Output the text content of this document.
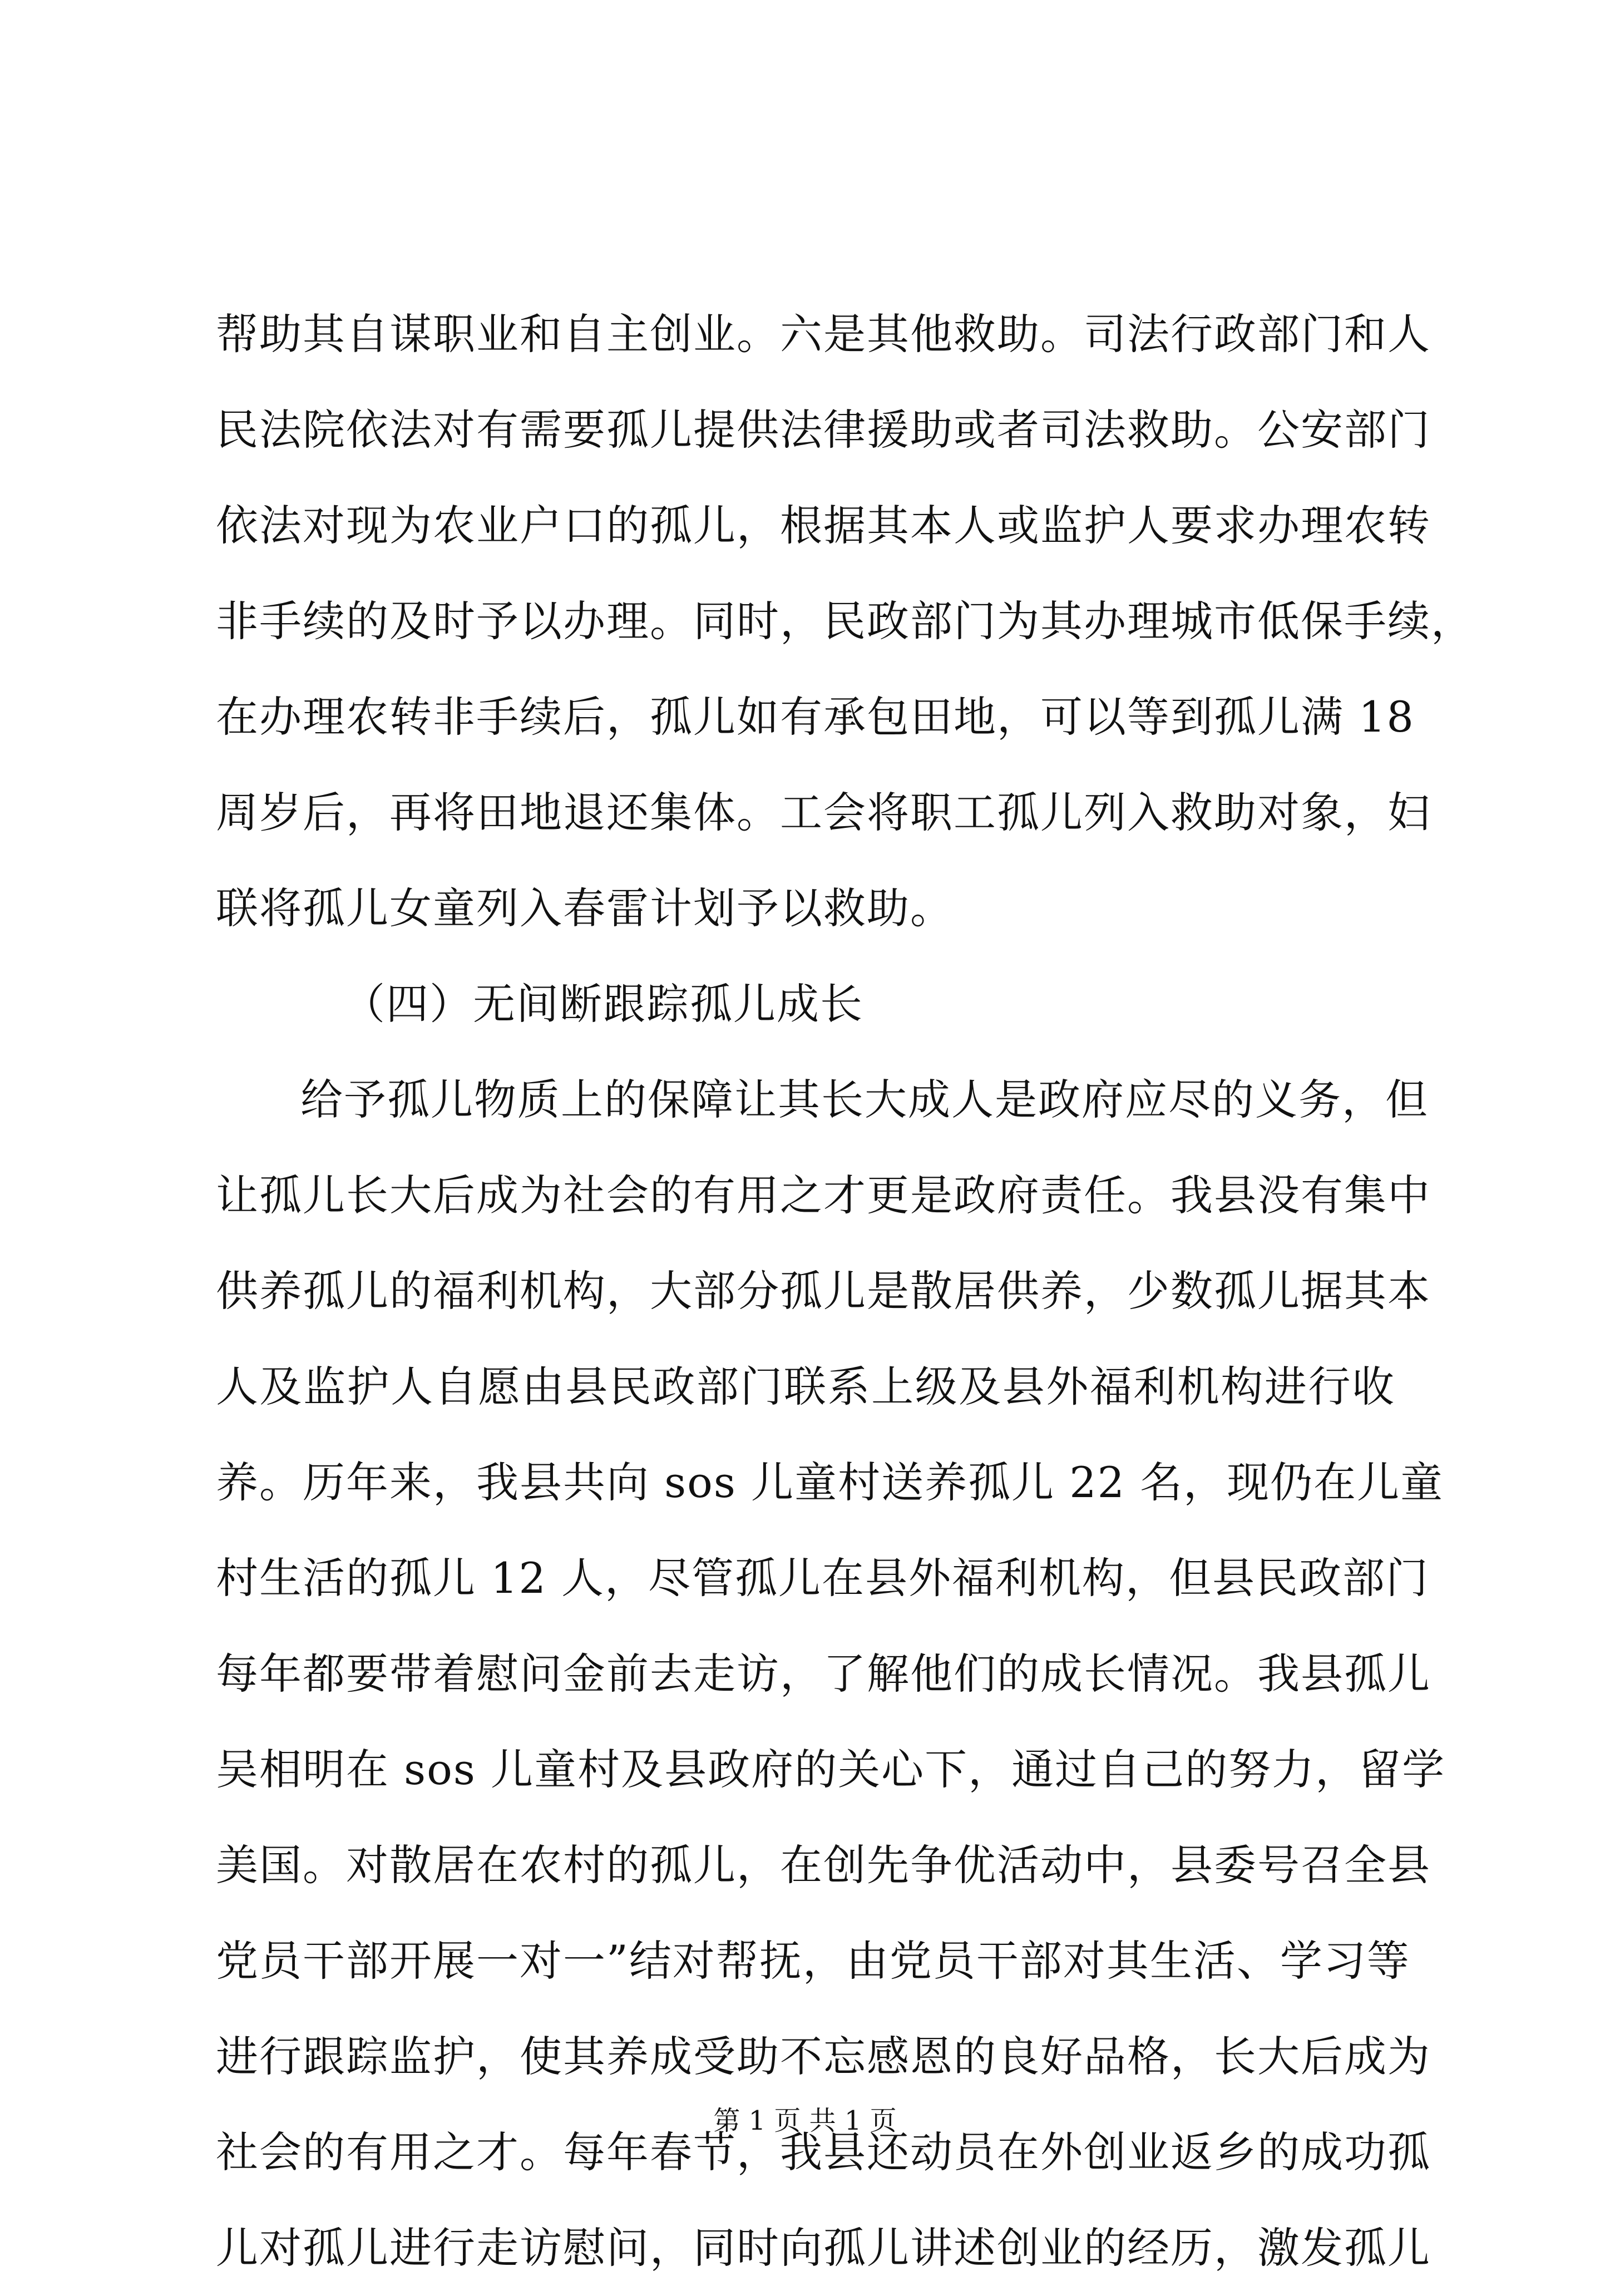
帮助其自谋职业和自主创业。六是其他救助。司法行政部门和人
民法院依法对有需要孤儿提供法律援助或者司法救助。公安部门
依法对现为农业户口的孤儿，根据其本人或监护人要求办理农转
非手续的及时予以办理。同时，民政部门为其办理城市低保手续，
在办理农转非手续后，孤儿如有承包田地，可以等到孤儿满 18
周岁后，再将田地退还集体。工会将职工孤儿列入救助对象，妇
联将孤儿女童列入春雷计划予以救助。
（四）无间断跟踪孤儿成长
给予孤儿物质上的保障让其长大成人是政府应尽的义务，但
让孤儿长大后成为社会的有用之才更是政府责任。我县没有集中
供养孤儿的福利机构，大部分孤儿是散居供养，少数孤儿据其本
人及监护人自愿由县民政部门联系上级及县外福利机构进行收
养。历年来，我县共向 sos 儿童村送养孤儿 22 名，现仍在儿童
村生活的孤儿 12 人，尽管孤儿在县外福利机构，但县民政部门
每年都要带着慰问金前去走访，了解他们的成长情况。我县孤儿
吴相明在 sos 儿童村及县政府的关心下，通过自己的努力，留学
美国。对散居在农村的孤儿，在创先争优活动中，县委号召全县
党员干部开展一对一”结对帮抚，由党员干部对其生活、学习等
进行跟踪监护，使其养成受助不忘感恩的良好品格，长大后成为
社会的有用之才。每年春节，我县还动员在外创业返乡的成功孤
儿对孤儿进行走访慰问，同时向孤儿讲述创业的经历，激发孤儿
第 1 页 共 1 页
